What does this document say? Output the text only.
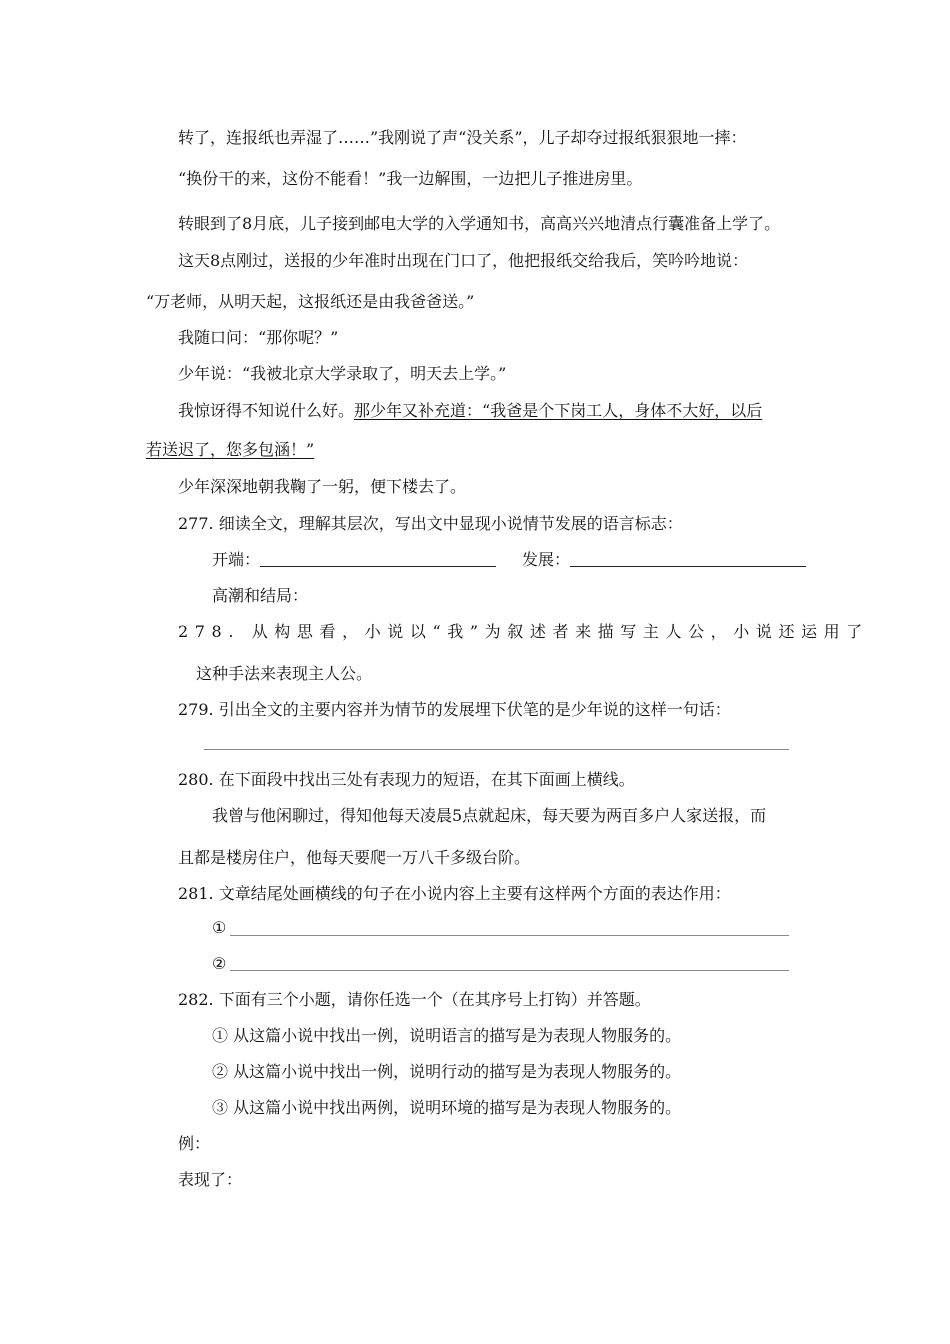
转了，连报纸也弄湿了……”我刚说了声“没关系”，儿子却夺过报纸狠狠地一摔：
“换份干的来，这份不能看！”我一边解围，一边把儿子推进房里。
转眼到了8月底，儿子接到邮电大学的入学通知书，高高兴兴地清点行囊准备上学了。
这天8点刚过，送报的少年准时出现在门口了，他把报纸交给我后，笑吟吟地说：
“万老师，从明天起，这报纸还是由我爸爸送。”
我随口问：“那你呢？”
少年说：“我被北京大学录取了，明天去上学。”
我惊讶得不知说什么好。那少年又补充道：“我爸是个下岗工人，身体不大好，以后
若送迟了，您多包涵！”
少年深深地朝我鞠了一躬，便下楼去了。
277. 细读全文，理解其层次，写出文中显现小说情节发展的语言标志：
开端：	发展：
高潮和结局：
278. 从构思看，小说以“我”为叙述者来描写主人公，小说还运用了
这种手法来表现主人公。
279. 引出全文的主要内容并为情节的发展埋下伏笔的是少年说的这样一句话：
280. 在下面段中找出三处有表现力的短语，在其下面画上横线。
我曾与他闲聊过，得知他每天凌晨5点就起床，每天要为两百多户人家送报，而
且都是楼房住户，他每天要爬一万八千多级台阶。
281. 文章结尾处画横线的句子在小说内容上主要有这样两个方面的表达作用：
①
②
282. 下面有三个小题，请你任选一个（在其序号上打钩）并答题。
① 从这篇小说中找出一例，说明语言的描写是为表现人物服务的。
② 从这篇小说中找出一例，说明行动的描写是为表现人物服务的。
③ 从这篇小说中找出两例，说明环境的描写是为表现人物服务的。
例：
表现了：
